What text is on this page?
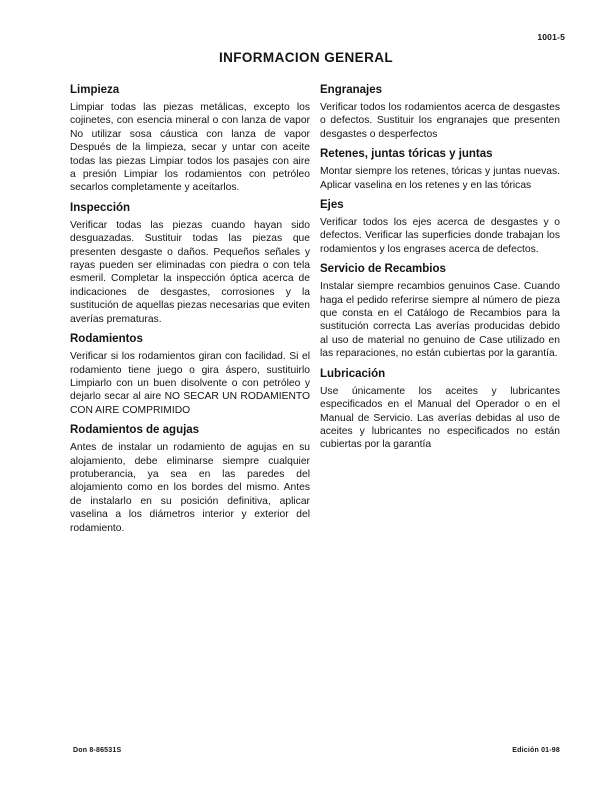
1001-5
INFORMACION GENERAL
Limpieza

Limpiar todas las piezas metálicas, excepto los cojinetes, con esencia mineral o con lanza de vapor No utilizar sosa cáustica con lanza de vapor Después de la limpieza, secar y untar con aceite todas las piezas Limpiar todos los pasajes con aire a presión Limpiar los rodamientos con petróleo secarlos completamente y aceitarlos.

Inspección

Verificar todas las piezas cuando hayan sido desguazadas. Sustituir todas las piezas que presenten desgaste o daños. Pequeños señales y rayas pueden ser eliminadas con piedra o con tela esmeril. Completar la inspección óptica acerca de indicaciones de desgastes, corrosiones y la sustitución de aquellas piezas necesarias que eviten averías prematuras.

Rodamientos

Verificar si los rodamientos giran con facilidad. Si el rodamiento tiene juego o gira áspero, sustituirlo Limpiarlo con un buen disolvente o con petróleo y dejarlo secar al aire NO SECAR UN RODAMIENTO CON AIRE COMPRIMIDO

Rodamientos de agujas

Antes de instalar un rodamiento de agujas en su alojamiento, debe eliminarse siempre cualquier protuberancia, ya sea en las paredes del alojamiento como en los bordes del mismo. Antes de instalarlo en su posición definitiva, aplicar vaselina a los diámetros interior y exterior del rodamiento.

Engranajes

Verificar todos los rodamientos acerca de desgastes o defectos. Sustituir los engranajes que presenten desgastes o desperfectos

Retenes, juntas tóricas y juntas

Montar siempre los retenes, tóricas y juntas nuevas. Aplicar vaselina en los retenes y en las tóricas

Ejes

Verificar todos los ejes acerca de desgastes y o defectos. Verificar las superficies donde trabajan los rodamientos y los engrases acerca de defectos.

Servicio de Recambios

Instalar siempre recambios genuinos Case. Cuando haga el pedido referirse siempre al número de pieza que consta en el Catálogo de Recambios para la sustitución correcta Las averías producidas debido al uso de material no genuino de Case utilizado en las reparaciones, no están cubiertas por la garantía.

Lubricación

Use únicamente los aceites y lubricantes especificados en el Manual del Operador o en el Manual de Servicio. Las averías debidas al uso de aceites y lubricantes no especificados no están cubiertas por la garantía

Don 8-86531S	Edición 01-98
